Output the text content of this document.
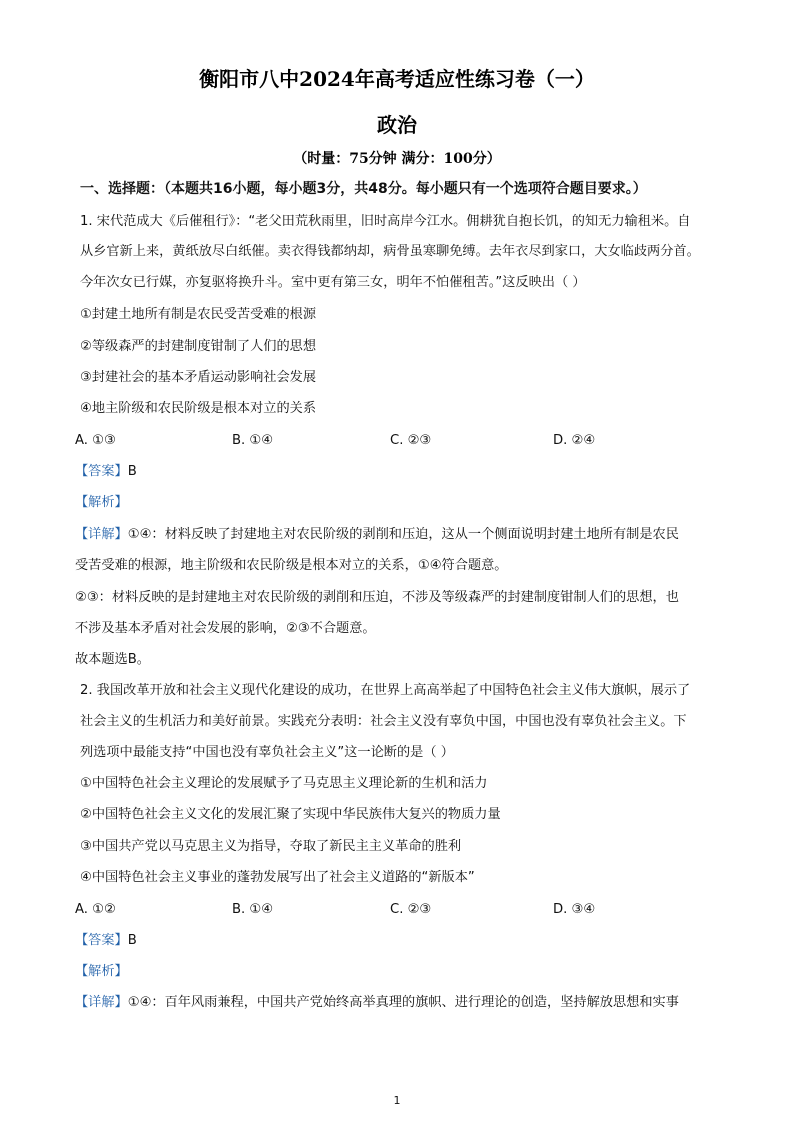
衡阳市八中2024年高考适应性练习卷（一）
政治
（时量：75分钟 满分：100分）
一、选择题：（本题共16小题，每小题3分，共48分。每小题只有一个选项符合题目要求。）
1. 宋代范成大《后催租行》：“老父田荒秋雨里，旧时高岸今江水。佣耕犹自抱长饥，的知无力输租米。自
从乡官新上来，黄纸放尽白纸催。卖衣得钱都纳却，病骨虽寒聊免缚。去年衣尽到家口，大女临歧两分首。
今年次女已行媒，亦复驱将换升斗。室中更有第三女，明年不怕催租苦。”这反映出（ ）
①封建土地所有制是农民受苦受难的根源
②等级森严的封建制度钳制了人们的思想
③封建社会的基本矛盾运动影响社会发展
④地主阶级和农民阶级是根本对立的关系
A. ①③	B. ①④	C. ②③	D. ②④
【答案】B
【解析】
【详解】①④：材料反映了封建地主对农民阶级的剥削和压迫，这从一个侧面说明封建土地所有制是农民
受苦受难的根源，地主阶级和农民阶级是根本对立的关系，①④符合题意。
②③：材料反映的是封建地主对农民阶级的剥削和压迫，不涉及等级森严的封建制度钳制人们的思想，也
不涉及基本矛盾对社会发展的影响，②③不合题意。
故本题选B。
2. 我国改革开放和社会主义现代化建设的成功，在世界上高高举起了中国特色社会主义伟大旗帜，展示了
社会主义的生机活力和美好前景。实践充分表明：社会主义没有辜负中国，中国也没有辜负社会主义。下
列选项中最能支持“中国也没有辜负社会主义”这一论断的是（ ）
①中国特色社会主义理论的发展赋予了马克思主义理论新的生机和活力
②中国特色社会主义文化的发展汇聚了实现中华民族伟大复兴的物质力量
③中国共产党以马克思主义为指导，夺取了新民主主义革命的胜利
④中国特色社会主义事业的蓬勃发展写出了社会主义道路的“新版本”
A. ①②	B. ①④	C. ②③	D. ③④
【答案】B
【解析】
【详解】①④：百年风雨兼程，中国共产党始终高举真理的旗帜、进行理论的创造，坚持解放思想和实事
1
